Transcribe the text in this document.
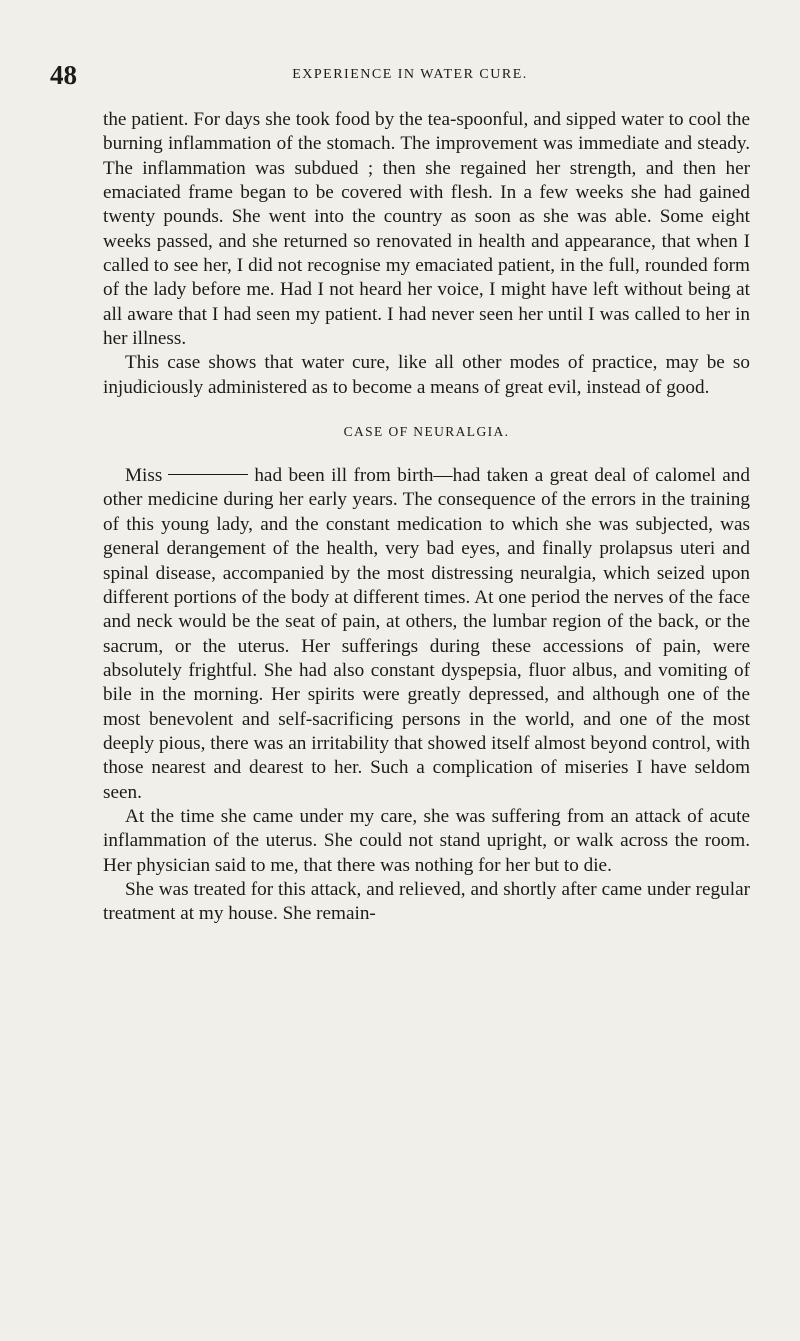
48	EXPERIENCE IN WATER CURE.

the patient. For days she took food by the tea-spoonful, and sipped water to cool the burning inflammation of the stomach. The improvement was immediate and steady. The inflammation was subdued ; then she regained her strength, and then her emaciated frame began to be covered with flesh. In a few weeks she had gained twenty pounds. She went into the country as soon as she was able. Some eight weeks passed, and she returned so renovated in health and appearance, that when I called to see her, I did not recognise my emaciated patient, in the full, rounded form of the lady before me. Had I not heard her voice, I might have left without being at all aware that I had seen my patient. I had never seen her until I was called to her in her illness.

This case shows that water cure, like all other modes of practice, may be so injudiciously administered as to become a means of great evil, instead of good.

CASE OF NEURALGIA.

Miss	had been ill from birth—had taken a great deal of calomel and other medicine during her early years. The consequence of the errors in the training of this young lady, and the constant medication to which she was subjected, was general derangement of the health, very bad eyes, and finally prolapsus uteri and spinal disease, accompanied by the most distressing neuralgia, which seized upon different portions of the body at different times. At one period the nerves of the face and neck would be the seat of pain, at others, the lumbar region of the back, or the sacrum, or the uterus. Her sufferings during these accessions of pain, were absolutely frightful. She had also constant dyspepsia, fluor albus, and vomiting of bile in the morning. Her spirits were greatly depressed, and although one of the most benevolent and self-sacrificing persons in the world, and one of the most deeply pious, there was an irritability that showed itself almost beyond control, with those nearest and dearest to her. Such a complication of miseries I have seldom seen.

At the time she came under my care, she was suffering from an attack of acute inflammation of the uterus. She could not stand upright, or walk across the room. Her physician said to me, that there was nothing for her but to die.

She was treated for this attack, and relieved, and shortly after came under regular treatment at my house. She remain-
